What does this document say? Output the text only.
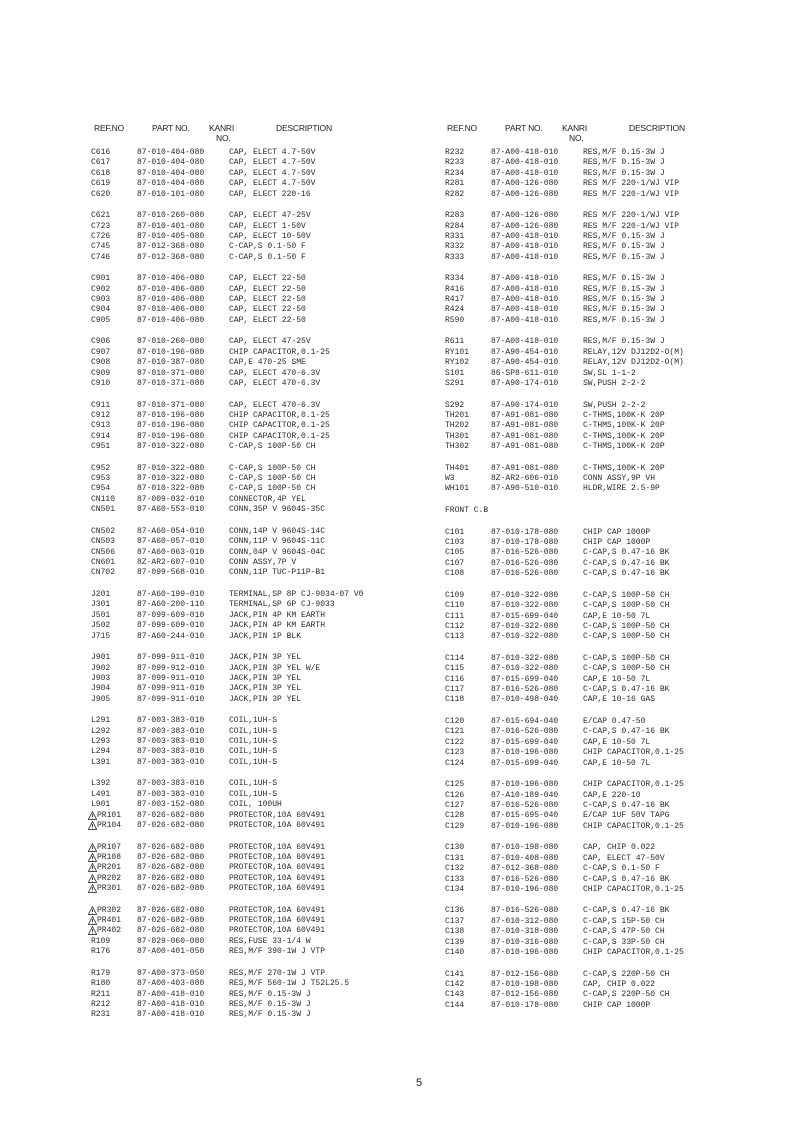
REF.NO	PART NO. KANRI
NO.
DESCRIPTION	REF.NO	PART NO. KANRI
NO.
DESCRIPTION
C616	87-010-404-080	CAP, ELECT 4.7-50V
C617	87-010-404-080	CAP, ELECT 4.7-50V
C618	87-010-404-080	CAP, ELECT 4.7-50V
C619	87-010-404-080	CAP, ELECT 4.7-50V
C620	87-010-101-080	CAP, ELECT 220-16
C621	87-010-260-080	CAP, ELECT 47-25V
C723	87-010-401-080	CAP, ELECT 1-50V
C726	87-010-405-080	CAP, ELECT 10-50V
C745	87-012-368-080	C-CAP,S 0.1-50 F
C746	87-012-368-080	C-CAP,S 0.1-50 F
C901	87-010-406-080	CAP, ELECT 22-50
C902	87-010-406-080	CAP, ELECT 22-50
C903	87-010-406-080	CAP, ELECT 22-50
C904	87-010-406-080	CAP, ELECT 22-50
C905	87-010-406-080	CAP, ELECT 22-50
C906	87-010-260-080	CAP, ELECT 47-25V
C907	87-010-196-080	CHIP CAPACITOR,0.1-25
C908	87-010-387-080	CAP,E 470-25 SME
C909	87-010-371-080	CAP, ELECT 470-6.3V
C910	87-010-371-080	CAP, ELECT 470-6.3V
C911	87-010-371-080	CAP, ELECT 470-6.3V
C912	87-010-196-080	CHIP CAPACITOR,0.1-25
C913	87-010-196-080	CHIP CAPACITOR,0.1-25
C914	87-010-196-080	CHIP CAPACITOR,0.1-25
C951	87-010-322-080	C-CAP,S 100P-50 CH
C952	87-010-322-080	C-CAP,S 100P-50 CH
C953	87-010-322-080	C-CAP,S 100P-50 CH
C954	87-010-322-080	C-CAP,S 100P-50 CH
CN110	87-009-032-010	CONNECTOR,4P YEL
CN501	87-A60-553-010	CONN,35P V 9604S-35C
CN502	87-A60-054-010	CONN,14P V 9604S-14C
CN503	87-A60-057-010	CONN,11P V 9604S-11C
CN506	87-A60-063-010	CONN,04P V 9604S-04C
CN601	8Z-AR2-607-010	CONN ASSY,7P V
CN702	87-099-568-010	CONN,11P TUC-P11P-B1
J201	87-A60-199-010	TERMINAL,SP 8P CJ-9034-07 V0
J301	87-A60-200-110	TERMINAL,SP 6P CJ-9033
J501	87-099-609-010	JACK,PIN 4P KM EARTH
J502	87-099-609-010	JACK,PIN 4P KM EARTH
J715	87-A60-244-010	JACK,PIN 1P BLK
J901	87-099-911-010	JACK,PIN 3P YEL
J902	87-099-912-010	JACK,PIN 3P YEL W/E
J903	87-099-911-010	JACK,PIN 3P YEL
J904	87-099-911-010	JACK,PIN 3P YEL
J905	87-099-911-010	JACK,PIN 3P YEL
L291	87-003-383-010	COIL,1UH-S
L292	87-003-383-010	COIL,1UH-S
L293	87-003-383-010	COIL,1UH-S
L294	87-003-383-010	COIL,1UH-S
L391	87-003-383-010	COIL,1UH-S
L392	87-003-383-010	COIL,1UH-S
L491	87-003-383-010	COIL,1UH-S
L901	87-003-152-080	COIL, 100UH
PR101 87-026-682-080	PROTECTOR,10A 60V491
PR104 87-026-682-080	PROTECTOR,10A 60V491
PR107 87-026-682-080	PROTECTOR,10A 60V491
PR108 87-026-682-080	PROTECTOR,10A 60V491
PR201 87-026-682-080	PROTECTOR,10A 60V491
PR202 87-026-682-080	PROTECTOR,10A 60V491
PR301 87-026-682-080	PROTECTOR,10A 60V491
PR302 87-026-682-080	PROTECTOR,10A 60V491
PR401 87-026-682-080	PROTECTOR,10A 60V491
PR402 87-026-682-080	PROTECTOR,10A 60V491
R109	87-029-060-080	RES,FUSE 33-1/4 W
R176	87-A00-401-050	RES,M/F 390-1W J VTP
R179	87-A00-373-050	RES,M/F 270-1W J VTP
R180	87-A00-403-080	RES,M/F 560-1W J T52L25.5
R211	87-A00-418-010	RES,M/F 0.15-3W J
R212	87-A00-418-010	RES,M/F 0.15-3W J
R231	87-A00-418-010	RES,M/F 0.15-3W J
R232	87-A00-418-010	RES,M/F 0.15-3W J
R233	87-A00-418-010	RES,M/F 0.15-3W J
R234	87-A00-418-010	RES,M/F 0.15-3W J
R281	87-A00-126-080	RES M/F 220-1/WJ VIP
R282	87-A00-126-080	RES M/F 220-1/WJ VIP
R283	87-A00-126-080	RES M/F 220-1/WJ VIP
R284	87-A00-126-080	RES M/F 220-1/WJ VIP
R331	87-A00-418-010	RES,M/F 0.15-3W J
R332	87-A00-418-010	RES,M/F 0.15-3W J
R333	87-A00-418-010	RES,M/F 0.15-3W J
R334	87-A00-418-010	RES,M/F 0.15-3W J
R416	87-A00-418-010	RES,M/F 0.15-3W J
R417	87-A00-418-010	RES,M/F 0.15-3W J
R424	87-A00-418-010	RES,M/F 0.15-3W J
R590	87-A00-418-010	RES,M/F 0.15-3W J
R611	87-A00-418-010	RES,M/F 0.15-3W J
RY101	87-A90-454-010	RELAY,12V DJ12D2-O(M)
RY102	87-A90-454-010	RELAY,12V DJ12D2-O(M)
S101	86-SP8-611-010	SW,SL 1-1-2
S291	87-A90-174-010	SW,PUSH 2-2-2
S292	87-A90-174-010	SW,PUSH 2-2-2
TH201	87-A91-081-080	C-THMS,100K-K 20P
TH202	87-A91-081-080	C-THMS,100K-K 20P
TH301	87-A91-081-080	C-THMS,100K-K 20P
TH302	87-A91-081-080	C-THMS,100K-K 20P
TH401	87-A91-081-080	C-THMS,100K-K 20P
W3	8Z-AR2-606-010	CONN ASSY,9P VH
WH101	87-A90-510-010	HLDR,WIRE 2.5-9P
FRONT C.B
C101	87-010-178-080	CHIP CAP 1000P
C103	87-010-178-080	CHIP CAP 1000P
C105	87-016-526-080	C-CAP,S 0.47-16 BK
C107	87-016-526-080	C-CAP,S 0.47-16 BK
C108	87-016-526-080	C-CAP,S 0.47-16 BK
C109	87-010-322-080	C-CAP,S 100P-50 CH
C110	87-010-322-080	C-CAP,S 100P-50 CH
C111	87-015-699-040	CAP,E 10-50 7L
C112	87-010-322-080	C-CAP,S 100P-50 CH
C113	87-010-322-080	C-CAP,S 100P-50 CH
C114	87-010-322-080	C-CAP,S 100P-50 CH
C115	87-010-322-080	C-CAP,S 100P-50 CH
C116	87-015-699-040	CAP,E 10-50 7L
C117	87-016-526-080	C-CAP,S 0.47-16 BK
C118	87-010-498-040	CAP,E 10-16 GAS
C120	87-015-694-040	E/CAP 0.47-50
C121	87-016-526-080	C-CAP,S 0.47-16 BK
C122	87-015-699-040	CAP,E 10-50 7L
C123	87-010-196-080	CHIP CAPACITOR,0.1-25
C124	87-015-699-040	CAP,E 10-50 7L
C125	87-010-196-080	CHIP CAPACITOR,0.1-25
C126	87-A10-189-040	CAP,E 220-10
C127	87-016-526-080	C-CAP,S 0.47-16 BK
C128	87-015-695-040	E/CAP 1UF 50V TAPG
C129	87-010-196-080	CHIP CAPACITOR,0.1-25
C130	87-010-198-080	CAP, CHIP 0.022
C131	87-010-408-080	CAP, ELECT 47-50V
C132	87-012-368-080	C-CAP,S 0.1-50 F
C133	87-016-526-080	C-CAP,S 0.47-16 BK
C134	87-010-196-080	CHIP CAPACITOR,0.1-25
C136	87-016-526-080	C-CAP,S 0.47-16 BK
C137	87-010-312-080	C-CAP,S 15P-50 CH
C138	87-010-318-080	C-CAP,S 47P-50 CH
C139	87-010-316-080	C-CAP,S 33P-50 CH
C140	87-010-196-080	CHIP CAPACITOR,0.1-25
C141	87-012-156-080	C-CAP,S 220P-50 CH
C142	87-010-198-080	CAP, CHIP 0.022
C143	87-012-156-080	C-CAP,S 220P-50 CH
C144	87-010-178-080	CHIP CAP 1000P
5
